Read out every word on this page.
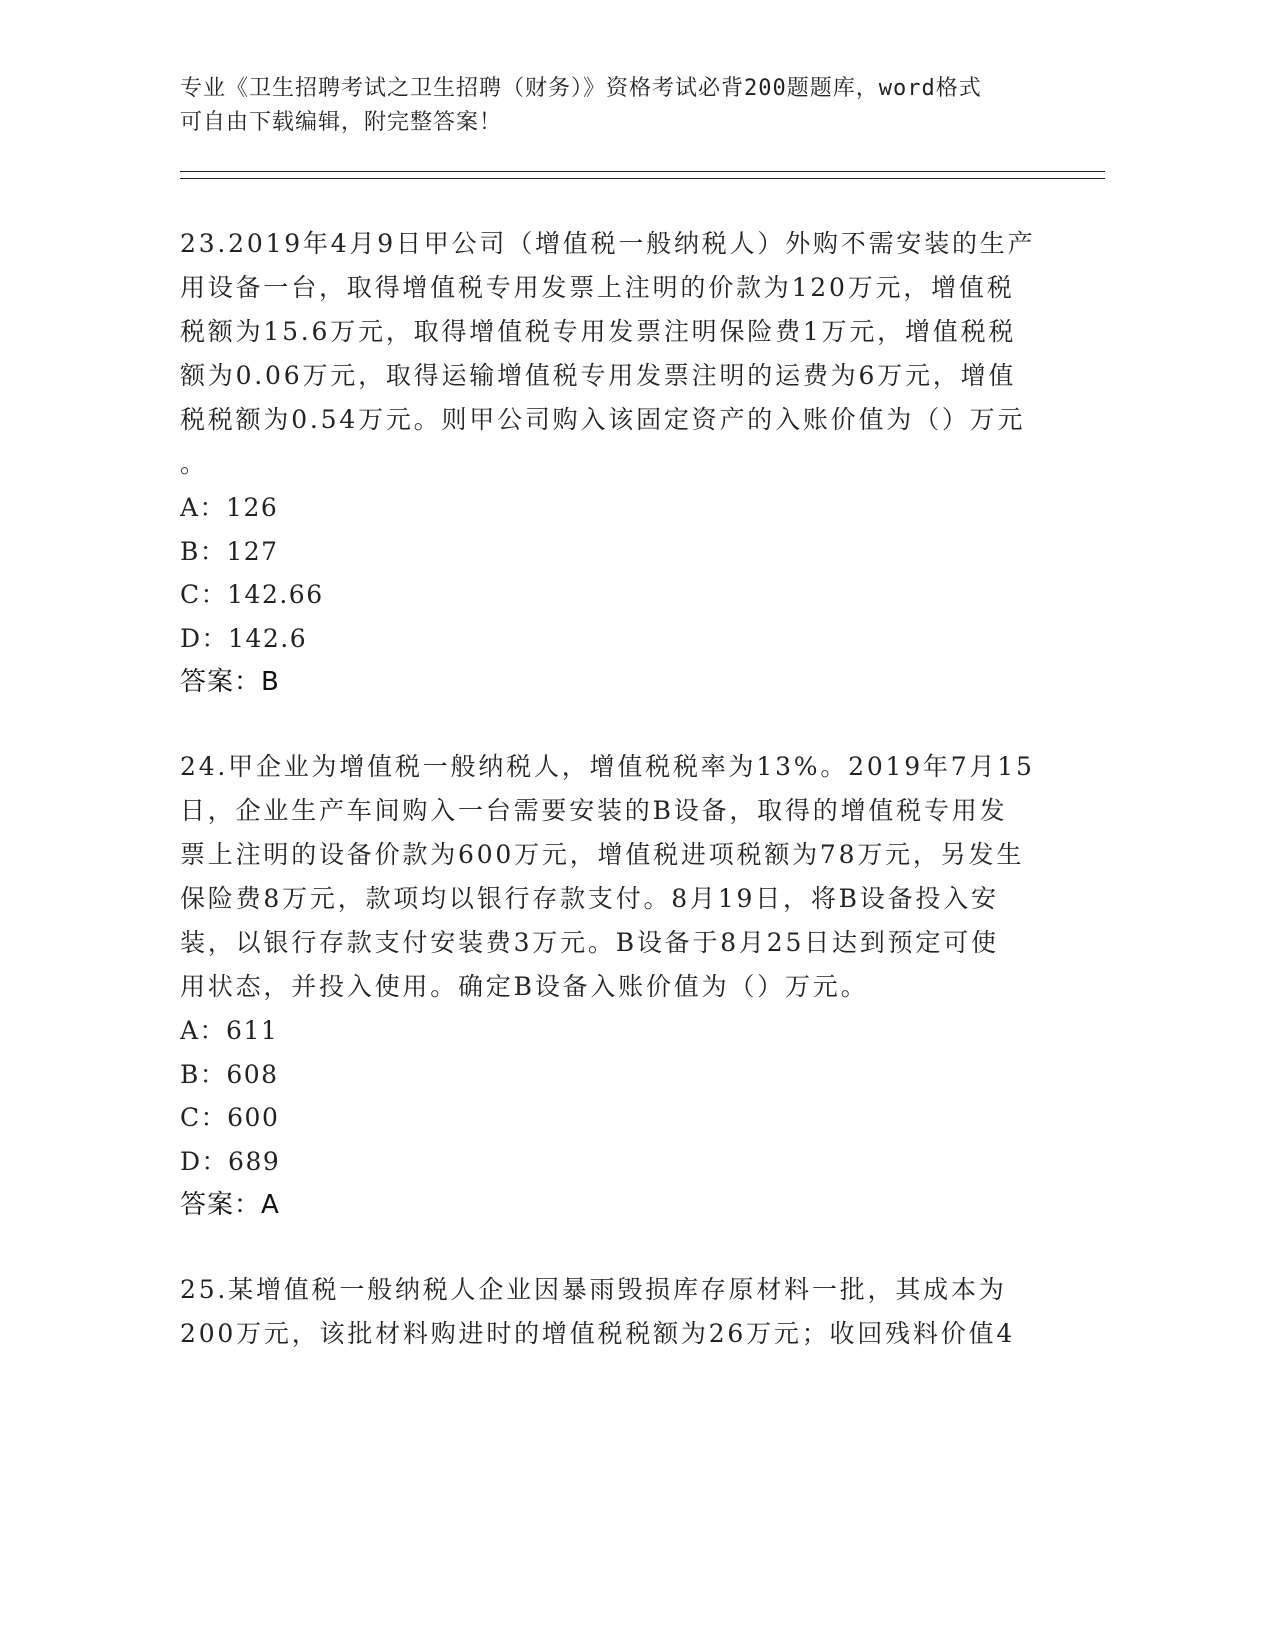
专业《卫生招聘考试之卫生招聘（财务）》资格考试必背200题题库，word格式
可自由下载编辑，附完整答案！
23.2019年4月9日甲公司（增值税一般纳税人）外购不需安装的生产
用设备一台，取得增值税专用发票上注明的价款为120万元，增值税
税额为15.6万元，取得增值税专用发票注明保险费1万元，增值税税
额为0.06万元，取得运输增值税专用发票注明的运费为6万元，增值
税税额为0.54万元。则甲公司购入该固定资产的入账价值为（）万元
。
A：126
B：127
C：142.66
D：142.6
答案：B
24.甲企业为增值税一般纳税人，增值税税率为13%。2019年7月15
日，企业生产车间购入一台需要安装的B设备，取得的增值税专用发
票上注明的设备价款为600万元，增值税进项税额为78万元，另发生
保险费8万元，款项均以银行存款支付。8月19日，将B设备投入安
装，以银行存款支付安装费3万元。B设备于8月25日达到预定可使
用状态，并投入使用。确定B设备入账价值为（）万元。
A：611
B：608
C：600
D：689
答案：A
25.某增值税一般纳税人企业因暴雨毁损库存原材料一批，其成本为
200万元，该批材料购进时的增值税税额为26万元；收回残料价值4
